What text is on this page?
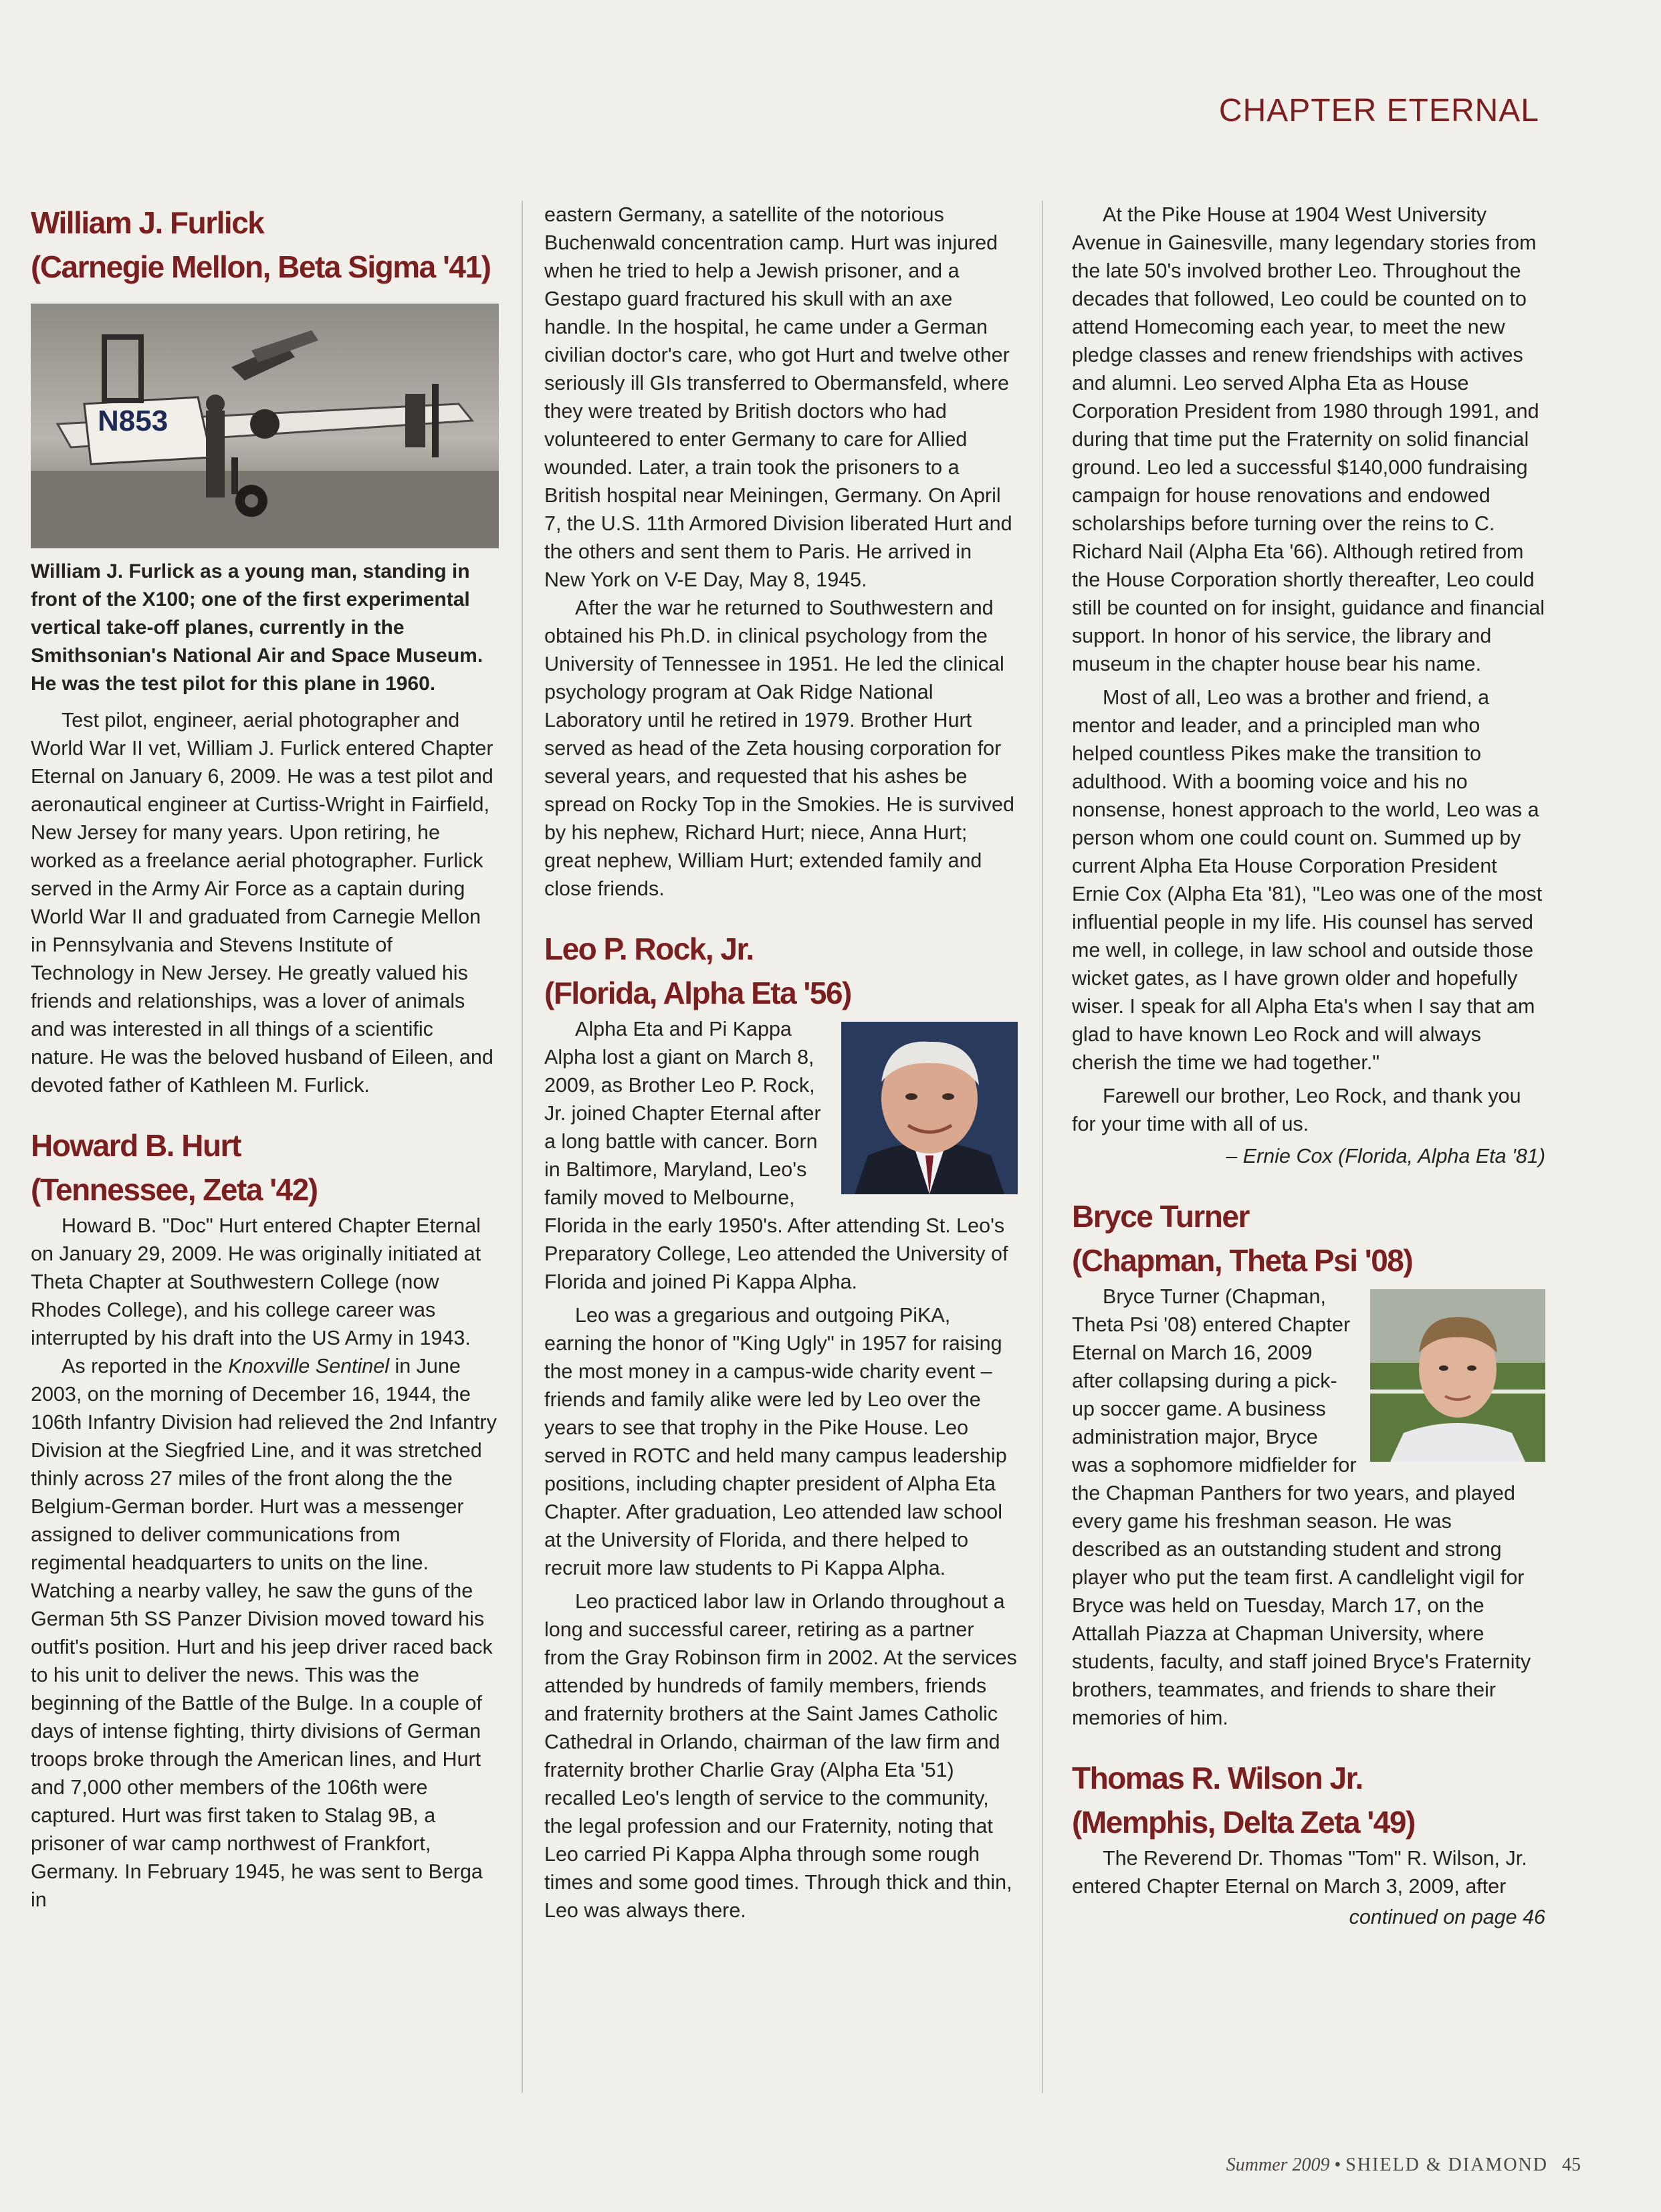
CHAPTER ETERNAL
William J. Furlick
(Carnegie Mellon, Beta Sigma '41)
N853
William J. Furlick as a young man, standing in front of the X100; one of the first experimental vertical take-off planes, currently in the Smithsonian's National Air and Space Museum. He was the test pilot for this plane in 1960.

Test pilot, engineer, aerial photographer and World War II vet, William J. Furlick entered Chapter Eternal on January 6, 2009. He was a test pilot and aeronautical engineer at Curtiss-Wright in Fairfield, New Jersey for many years. Upon retiring, he worked as a freelance aerial photographer. Furlick served in the Army Air Force as a captain during World War II and graduated from Carnegie Mellon in Pennsylvania and Stevens Institute of Technology in New Jersey. He greatly valued his friends and relationships, was a lover of animals and was interested in all things of a scientific nature. He was the beloved husband of Eileen, and devoted father of Kathleen M. Furlick.

Howard B. Hurt
(Tennessee, Zeta '42)

Howard B. "Doc" Hurt entered Chapter Eternal on January 29, 2009. He was originally initiated at Theta Chapter at Southwestern College (now Rhodes College), and his college career was interrupted by his draft into the US Army in 1943.

As reported in the Knoxville Sentinel in June 2003, on the morning of December 16, 1944, the 106th Infantry Division had relieved the 2nd Infantry Division at the Siegfried Line, and it was stretched thinly across 27 miles of the front along the the Belgium-German border. Hurt was a messenger assigned to deliver communications from regimental headquarters to units on the line. Watching a nearby valley, he saw the guns of the German 5th SS Panzer Division moved toward his outfit's position. Hurt and his jeep driver raced back to his unit to deliver the news. This was the beginning of the Battle of the Bulge. In a couple of days of intense fighting, thirty divisions of German troops broke through the American lines, and Hurt and 7,000 other members of the 106th were captured. Hurt was first taken to Stalag 9B, a prisoner of war camp northwest of Frankfort, Germany. In February 1945, he was sent to Berga in

eastern Germany, a satellite of the notorious Buchenwald concentration camp. Hurt was injured when he tried to help a Jewish prisoner, and a Gestapo guard fractured his skull with an axe handle. In the hospital, he came under a German civilian doctor's care, who got Hurt and twelve other seriously ill GIs transferred to Obermansfeld, where they were treated by British doctors who had volunteered to enter Germany to care for Allied wounded. Later, a train took the prisoners to a British hospital near Meiningen, Germany. On April 7, the U.S. 11th Armored Division liberated Hurt and the others and sent them to Paris. He arrived in New York on V-E Day, May 8, 1945.

After the war he returned to Southwestern and obtained his Ph.D. in clinical psychology from the University of Tennessee in 1951. He led the clinical psychology program at Oak Ridge National Laboratory until he retired in 1979. Brother Hurt served as head of the Zeta housing corporation for several years, and requested that his ashes be spread on Rocky Top in the Smokies. He is survived by his nephew, Richard Hurt; niece, Anna Hurt; great nephew, William Hurt; extended family and close friends.

Leo P. Rock, Jr.
(Florida, Alpha Eta '56)

Alpha Eta and Pi Kappa Alpha lost a giant on March 8, 2009, as Brother Leo P. Rock, Jr. joined Chapter Eternal after a long battle with cancer. Born in Baltimore, Maryland, Leo's family moved to Melbourne, Florida in the early 1950's. After attending St. Leo's Preparatory College, Leo attended the University of Florida and joined Pi Kappa Alpha.

Leo was a gregarious and outgoing PiKA, earning the honor of "King Ugly" in 1957 for raising the most money in a campus-wide charity event – friends and family alike were led by Leo over the years to see that trophy in the Pike House. Leo served in ROTC and held many campus leadership positions, including chapter president of Alpha Eta Chapter. After graduation, Leo attended law school at the University of Florida, and there helped to recruit more law students to Pi Kappa Alpha.

Leo practiced labor law in Orlando throughout a long and successful career, retiring as a partner from the Gray Robinson firm in 2002. At the services attended by hundreds of family members, friends and fraternity brothers at the Saint James Catholic Cathedral in Orlando, chairman of the law firm and fraternity brother Charlie Gray (Alpha Eta '51) recalled Leo's length of service to the community, the legal profession and our Fraternity, noting that Leo carried Pi Kappa Alpha through some rough times and some good times. Through thick and thin, Leo was always there.

At the Pike House at 1904 West University Avenue in Gainesville, many legendary stories from the late 50's involved brother Leo. Throughout the decades that followed, Leo could be counted on to attend Homecoming each year, to meet the new pledge classes and renew friendships with actives and alumni. Leo served Alpha Eta as House Corporation President from 1980 through 1991, and during that time put the Fraternity on solid financial ground. Leo led a successful $140,000 fundraising campaign for house renovations and endowed scholarships before turning over the reins to C. Richard Nail (Alpha Eta '66). Although retired from the House Corporation shortly thereafter, Leo could still be counted on for insight, guidance and financial support. In honor of his service, the library and museum in the chapter house bear his name.

Most of all, Leo was a brother and friend, a mentor and leader, and a principled man who helped countless Pikes make the transition to adulthood. With a booming voice and his no nonsense, honest approach to the world, Leo was a person whom one could count on. Summed up by current Alpha Eta House Corporation President Ernie Cox (Alpha Eta '81), "Leo was one of the most influential people in my life. His counsel has served me well, in college, in law school and outside those wicket gates, as I have grown older and hopefully wiser. I speak for all Alpha Eta's when I say that am glad to have known Leo Rock and will always cherish the time we had together."

Farewell our brother, Leo Rock, and thank you for your time with all of us.

– Ernie Cox (Florida, Alpha Eta '81)
Bryce Turner
(Chapman, Theta Psi '08)

Bryce Turner (Chapman, Theta Psi '08) entered Chapter Eternal on March 16, 2009 after collapsing during a pick-up soccer game. A business administration major, Bryce was a sophomore midfielder for the Chapman Panthers for two years, and played every game his freshman season. He was described as an outstanding student and strong player who put the team first. A candlelight vigil for Bryce was held on Tuesday, March 17, on the Attallah Piazza at Chapman University, where students, faculty, and staff joined Bryce's Fraternity brothers, teammates, and friends to share their memories of him.

Thomas R. Wilson Jr.
(Memphis, Delta Zeta '49)

The Reverend Dr. Thomas "Tom" R. Wilson, Jr. entered Chapter Eternal on March 3, 2009, after

continued on page 46
Summer 2009 • SHIELD & DIAMOND 45
